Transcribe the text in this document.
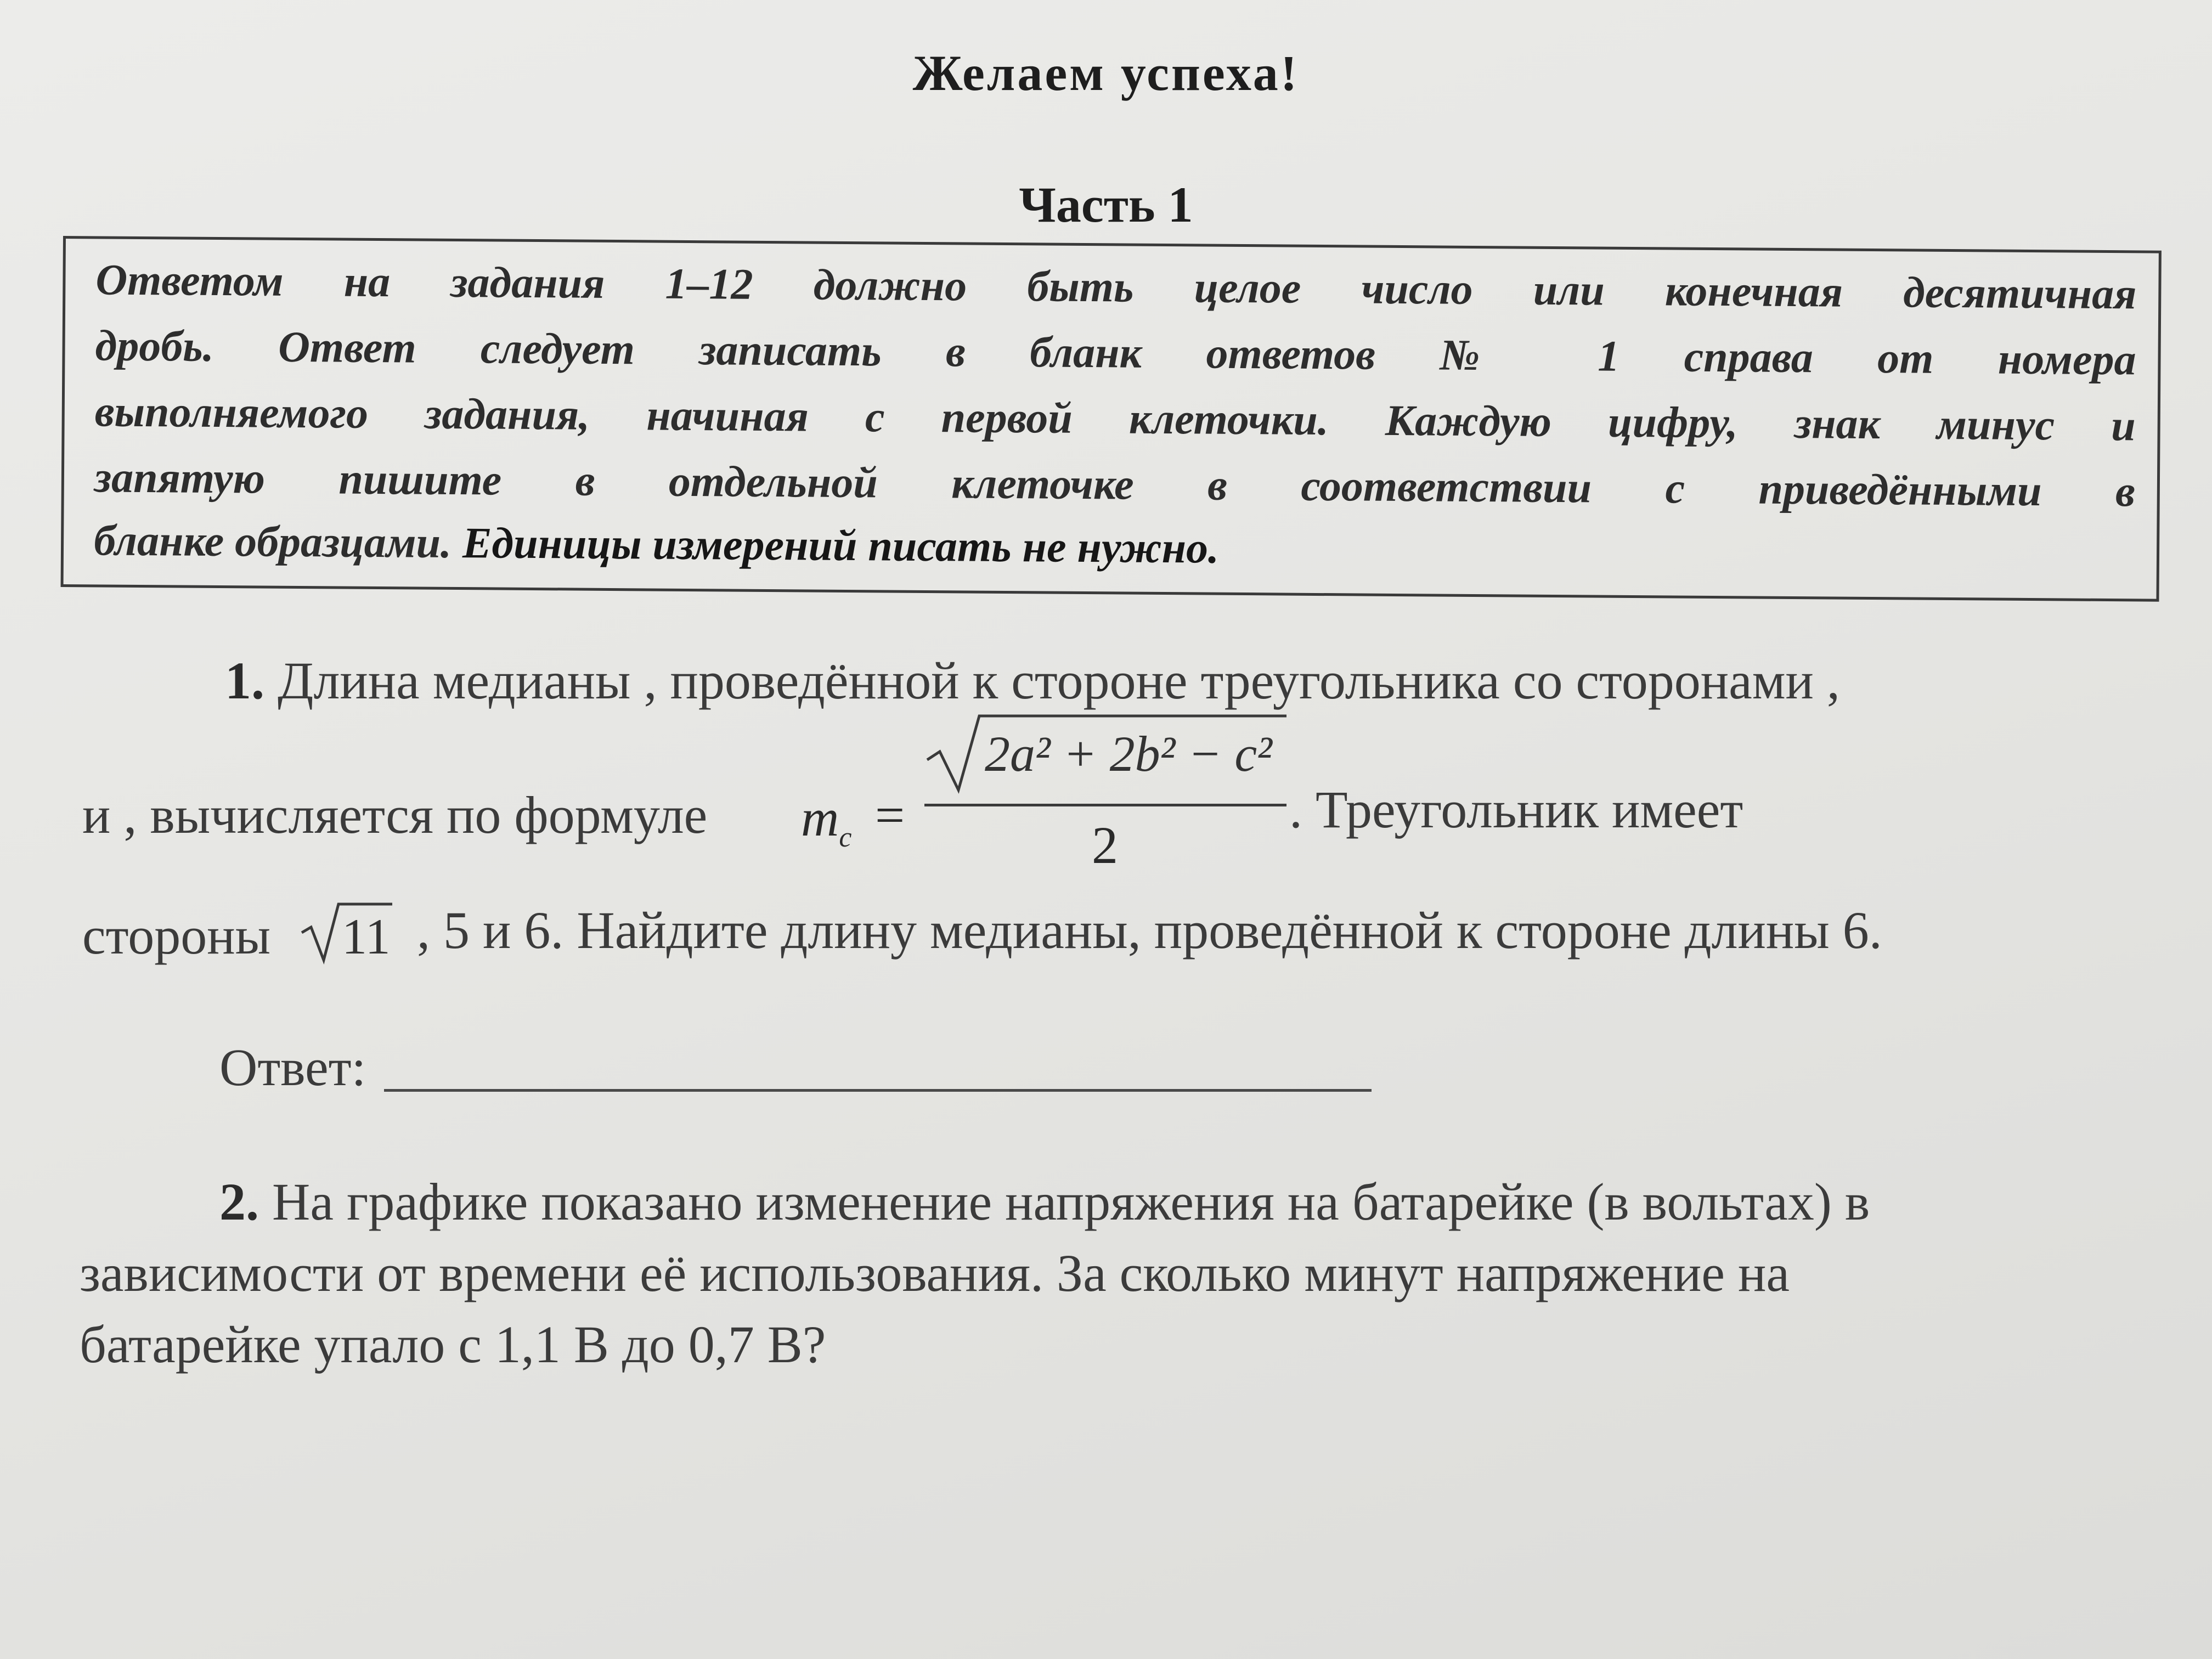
Желаем успеха!
Часть 1
Ответом на задания 1–12 должно быть целое число или конечная десятичная
дробь. Ответ следует записать в бланк ответов № 1 справа от номера
выполняемого задания, начиная с первой клеточки. Каждую цифру, знак минус и
запятую пишите в отдельной клеточке в соответствии с приведёнными в
бланке образцами. Единицы измерений писать не нужно.
1. Длина медианы , проведённой к стороне треугольника со сторонами ,
и , вычисляется по формуле $m_c$ =
2a² + 2b² − c²
2
. Треугольник имеет
стороны 11 , 5 и 6. Найдите длину медианы, проведённой к стороне длины 6.
Ответ:
2. На графике показано изменение напряжения на батарейке (в вольтах) в
зависимости от времени её использования. За сколько минут напряжение на
батарейке упало с 1,1 В до 0,7 В?
